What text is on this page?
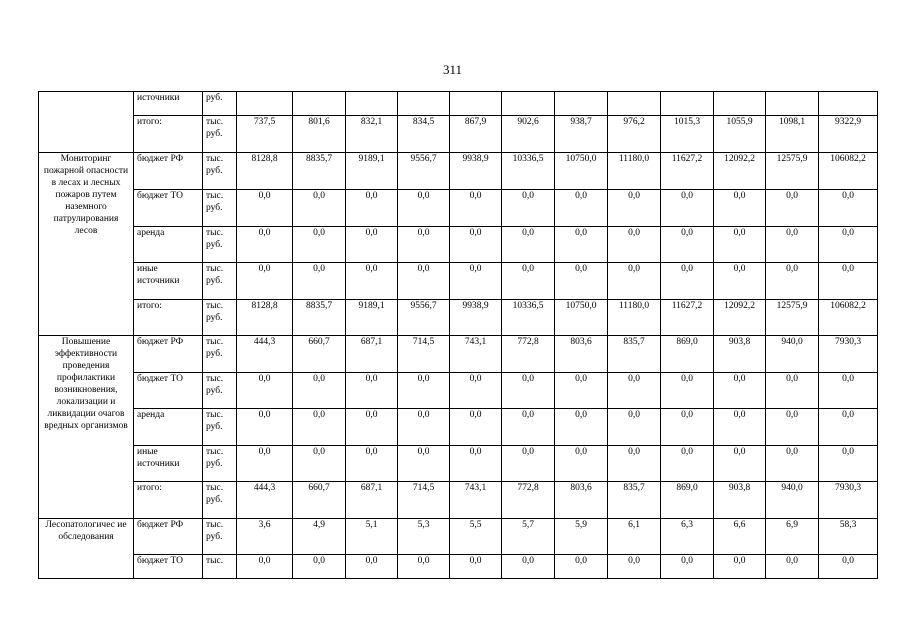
311
	источники	руб.												
	итого:	тыс. руб.	737,5	801,6	832,1	834,5	867,9	902,6	938,7	976,2	1015,3	1055,9	1098,1	9322,9
Мониторинг пожарной опасности в лесах и лесных пожаров путем наземного патрулирования лесов	бюджет РФ	тыс. руб.	8128,8	8835,7	9189,1	9556,7	9938,9	10336,5	10750,0	11180,0	11627,2	12092,2	12575,9	106082,2
	бюджет ТО	тыс. руб.	0,0	0,0	0,0	0,0	0,0	0,0	0,0	0,0	0,0	0,0	0,0	0,0
	аренда	тыс. руб.	0,0	0,0	0,0	0,0	0,0	0,0	0,0	0,0	0,0	0,0	0,0	0,0
	иные источники	тыс. руб.	0,0	0,0	0,0	0,0	0,0	0,0	0,0	0,0	0,0	0,0	0,0	0,0
	итого:	тыс. руб.	8128,8	8835,7	9189,1	9556,7	9938,9	10336,5	10750,0	11180,0	11627,2	12092,2	12575,9	106082,2
Повышение эффективности проведения профилактики возникновения, локализации и ликвидации очагов вредных организмов	бюджет РФ	тыс. руб.	444,3	660,7	687,1	714,5	743,1	772,8	803,6	835,7	869,0	903,8	940,0	7930,3
	бюджет ТО	тыс. руб.	0,0	0,0	0,0	0,0	0,0	0,0	0,0	0,0	0,0	0,0	0,0	0,0
	аренда	тыс. руб.	0,0	0,0	0,0	0,0	0,0	0,0	0,0	0,0	0,0	0,0	0,0	0,0
	иные источники	тыс. руб.	0,0	0,0	0,0	0,0	0,0	0,0	0,0	0,0	0,0	0,0	0,0	0,0
	итого:	тыс. руб.	444,3	660,7	687,1	714,5	743,1	772,8	803,6	835,7	869,0	903,8	940,0	7930,3
Лесопатологичес ие обследования	бюджет РФ	тыс. руб.	3,6	4,9	5,1	5,3	5,5	5,7	5,9	6,1	6,3	6,6	6,9	58,3
	бюджет ТО	тыс.	0,0	0,0	0,0	0,0	0,0	0,0	0,0	0,0	0,0	0,0	0,0	0,0
